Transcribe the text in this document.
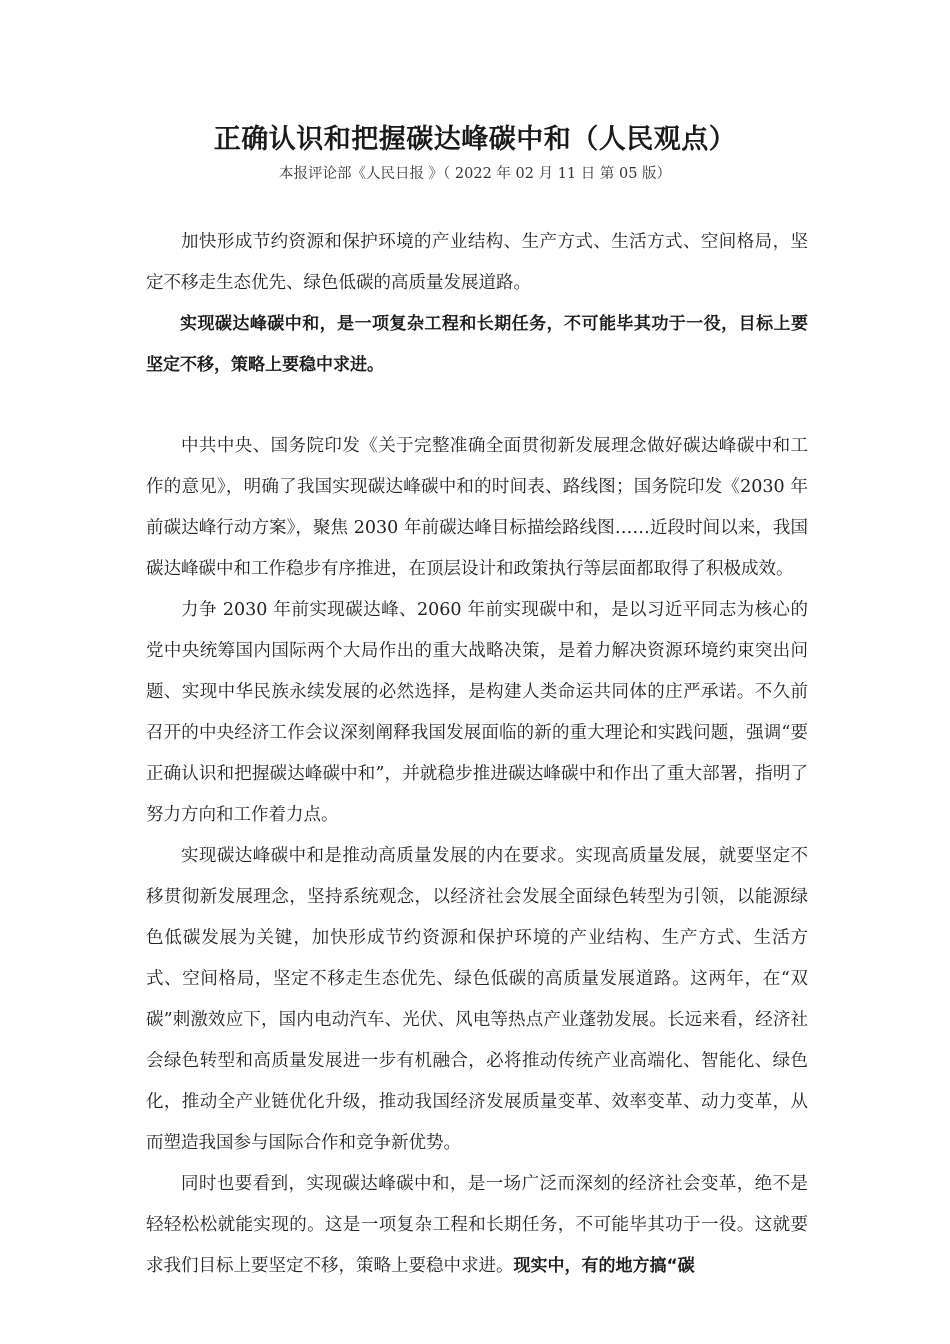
正确认识和把握碳达峰碳中和（人民观点）
本报评论部《人民日报 》（ 2022 年 02 月 11 日 第 05 版）

加快形成节约资源和保护环境的产业结构、生产方式、生活方式、空间格局，坚定不移走生态优先、绿色低碳的高质量发展道路。

实现碳达峰碳中和，是一项复杂工程和长期任务，不可能毕其功于一役，目标上要坚定不移，策略上要稳中求进。

中共中央、国务院印发《关于完整准确全面贯彻新发展理念做好碳达峰碳中和工作的意见》，明确了我国实现碳达峰碳中和的时间表、路线图；国务院印发《2030 年前碳达峰行动方案》，聚焦 2030 年前碳达峰目标描绘路线图……近段时间以来，我国碳达峰碳中和工作稳步有序推进，在顶层设计和政策执行等层面都取得了积极成效。

力争 2030 年前实现碳达峰、2060 年前实现碳中和，是以习近平同志为核心的党中央统筹国内国际两个大局作出的重大战略决策，是着力解决资源环境约束突出问题、实现中华民族永续发展的必然选择，是构建人类命运共同体的庄严承诺。不久前召开的中央经济工作会议深刻阐释我国发展面临的新的重大理论和实践问题，强调“要正确认识和把握碳达峰碳中和”，并就稳步推进碳达峰碳中和作出了重大部署，指明了努力方向和工作着力点。

实现碳达峰碳中和是推动高质量发展的内在要求。实现高质量发展，就要坚定不移贯彻新发展理念，坚持系统观念，以经济社会发展全面绿色转型为引领，以能源绿色低碳发展为关键，加快形成节约资源和保护环境的产业结构、生产方式、生活方式、空间格局，坚定不移走生态优先、绿色低碳的高质量发展道路。这两年，在“双碳”刺激效应下，国内电动汽车、光伏、风电等热点产业蓬勃发展。长远来看，经济社会绿色转型和高质量发展进一步有机融合，必将推动传统产业高端化、智能化、绿色化，推动全产业链优化升级，推动我国经济发展质量变革、效率变革、动力变革，从而塑造我国参与国际合作和竞争新优势。

同时也要看到，实现碳达峰碳中和，是一场广泛而深刻的经济社会变革，绝不是轻轻松松就能实现的。这是一项复杂工程和长期任务，不可能毕其功于一役。这就要求我们目标上要坚定不移，策略上要稳中求进。现实中，有的地方搞“碳
